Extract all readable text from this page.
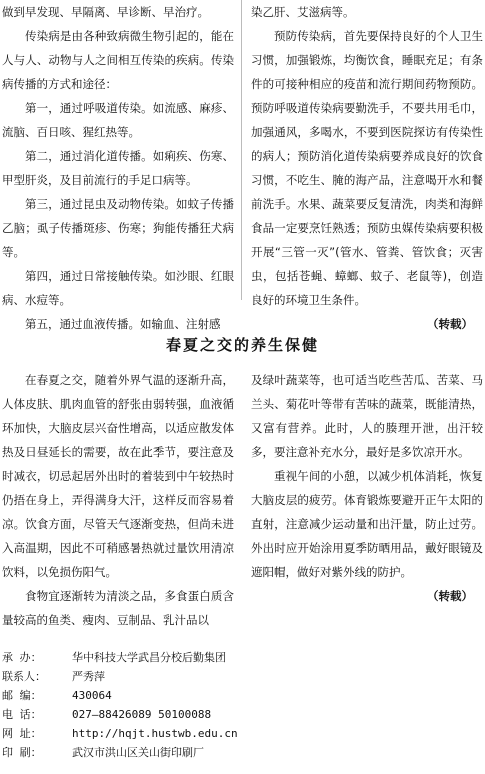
做到早发现、早隔离、早诊断、早治疗。

传染病是由各种致病微生物引起的，能在人与人、动物与人之间相互传染的疾病。传染病传播的方式和途径：

第一，通过呼吸道传染。如流感、麻疹、流脑、百日咳、猩红热等。

第二，通过消化道传播。如痢疾、伤寒、甲型肝炎，及目前流行的手足口病等。

第三，通过昆虫及动物传染。如蚊子传播乙脑；虱子传播斑疹、伤寒；狗能传播狂犬病等。

第四，通过日常接触传染。如沙眼、红眼病、水痘等。

第五，通过血液传播。如输血、注射感

染乙肝、艾滋病等。

预防传染病，首先要保持良好的个人卫生习惯，加强锻炼，均衡饮食，睡眠充足；有条件的可接种相应的疫苗和流行期间药物预防。预防呼吸道传染病要勤洗手，不要共用毛巾，加强通风，多喝水，不要到医院探访有传染性的病人；预防消化道传染病要养成良好的饮食习惯，不吃生、腌的海产品，注意喝开水和餐前洗手。水果、蔬菜要反复清洗，肉类和海鲜食品一定要烹饪熟透；预防虫媒传染病要积极开展“三管一灭”(管水、管粪、管饮食；灭害虫，包括苍蝇、蟑螂、蚊子、老鼠等)，创造良好的环境卫生条件。

（转载）
春夏之交的养生保健

在春夏之交，随着外界气温的逐渐升高，人体皮肤、肌肉血管的舒张由弱转强，血液循环加快，大脑皮层兴奋性增高，以适应散发体热及日昼延长的需要，故在此季节，要注意及时减衣，切忌起居外出时的着装到中午较热时仍捂在身上，弄得满身大汗，这样反而容易着凉。饮食方面，尽管天气逐渐变热，但尚未进入高温期，因此不可稍感暑热就过量饮用清凉饮料，以免损伤阳气。

食物宜逐渐转为清淡之品，多食蛋白质含量较高的鱼类、瘦肉、豆制品、乳汁品以

及绿叶蔬菜等，也可适当吃些苦瓜、苦菜、马兰头、菊花叶等带有苦味的蔬菜，既能清热，又富有营养。此时，人的腠理开泄，出汗较多，要注意补充水分，最好是多饮凉开水。

重视午间的小憩，以减少机体消耗，恢复大脑皮层的疲劳。体育锻炼要避开正午太阳的直射，注意减少运动量和出汗量，防止过劳。外出时应开始涂用夏季防晒用品，戴好眼镜及遮阳帽，做好对紫外线的防护。

（转载）
承 办：	华中科技大学武昌分校后勤集团
联系人： 严秀萍
邮 编：	430064
电 话：	027—88426089 50100088
网 址：	http://hqjt.hustwb.edu.cn
印 刷：	武汉市洪山区关山街印刷厂
